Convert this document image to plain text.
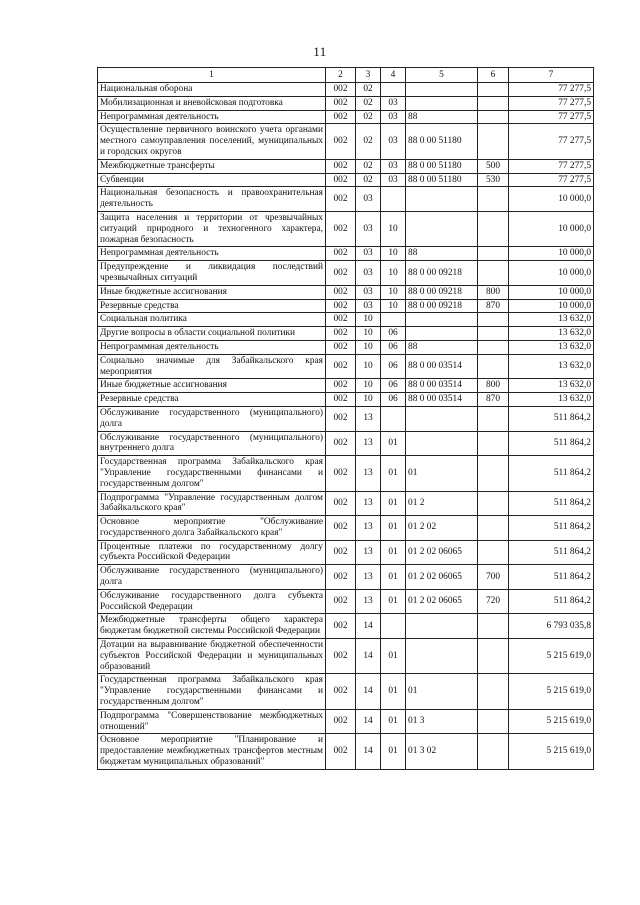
11
1	2	3	4	5	6	7
Национальная оборона	002	02				77 277,5
Мобилизационная и вневойсковая подготовка	002	02	03			77 277,5
Непрограммная деятельность	002	02	03	88		77 277,5
Осуществление первичного воинского учета органами местного самоуправления поселений, муниципальных и городских округов	002	02	03	88 0 00 51180		77 277,5
Межбюджетные трансферты	002	02	03	88 0 00 51180	500	77 277,5
Субвенции	002	02	03	88 0 00 51180	530	77 277,5
Национальная безопасность и правоохранительная деятельность	002	03				10 000,0
Защита населения и территории от чрезвычайных ситуаций природного и техногенного характера, пожарная безопасность	002	03	10			10 000,0
Непрограммная деятельность	002	03	10	88		10 000,0
Предупреждение и ликвидация последствий чрезвычайных ситуаций	002	03	10	88 0 00 09218		10 000,0
Иные бюджетные ассигнования	002	03	10	88 0 00 09218	800	10 000,0
Резервные средства	002	03	10	88 0 00 09218	870	10 000,0
Социальная политика	002	10				13 632,0
Другие вопросы в области социальной политики	002	10	06			13 632,0
Непрограммная деятельность	002	10	06	88		13 632,0
Социально значимые для Забайкальского края мероприятия	002	10	06	88 0 00 03514		13 632,0
Иные бюджетные ассигнования	002	10	06	88 0 00 03514	800	13 632,0
Резервные средства	002	10	06	88 0 00 03514	870	13 632,0
Обслуживание государственного (муниципального) долга	002	13				511 864,2
Обслуживание государственного (муниципального) внутреннего долга	002	13	01			511 864,2
Государственная программа Забайкальского края "Управление государственными финансами и государственным долгом"	002	13	01	01		511 864,2
Подпрограмма "Управление государственным долгом Забайкальского края"	002	13	01	01 2		511 864,2
Основное мероприятие "Обслуживание государственного долга Забайкальского края"	002	13	01	01 2 02		511 864,2
Процентные платежи по государственному долгу субъекта Российской Федерации	002	13	01	01 2 02 06065		511 864,2
Обслуживание государственного (муниципального) долга	002	13	01	01 2 02 06065	700	511 864,2
Обслуживание государственного долга субъекта Российской Федерации	002	13	01	01 2 02 06065	720	511 864,2
Межбюджетные трансферты общего характера бюджетам бюджетной системы Российской Федерации	002	14				6 793 035,8
Дотации на выравнивание бюджетной обеспеченности субъектов Российской Федерации и муниципальных образований	002	14	01			5 215 619,0
Государственная программа Забайкальского края "Управление государственными финансами и государственным долгом"	002	14	01	01		5 215 619,0
Подпрограмма "Совершенствование межбюджетных отношений"	002	14	01	01 3		5 215 619,0
Основное мероприятие "Планирование и предоставление межбюджетных трансфертов местным бюджетам муниципальных образований"	002	14	01	01 3 02		5 215 619,0
